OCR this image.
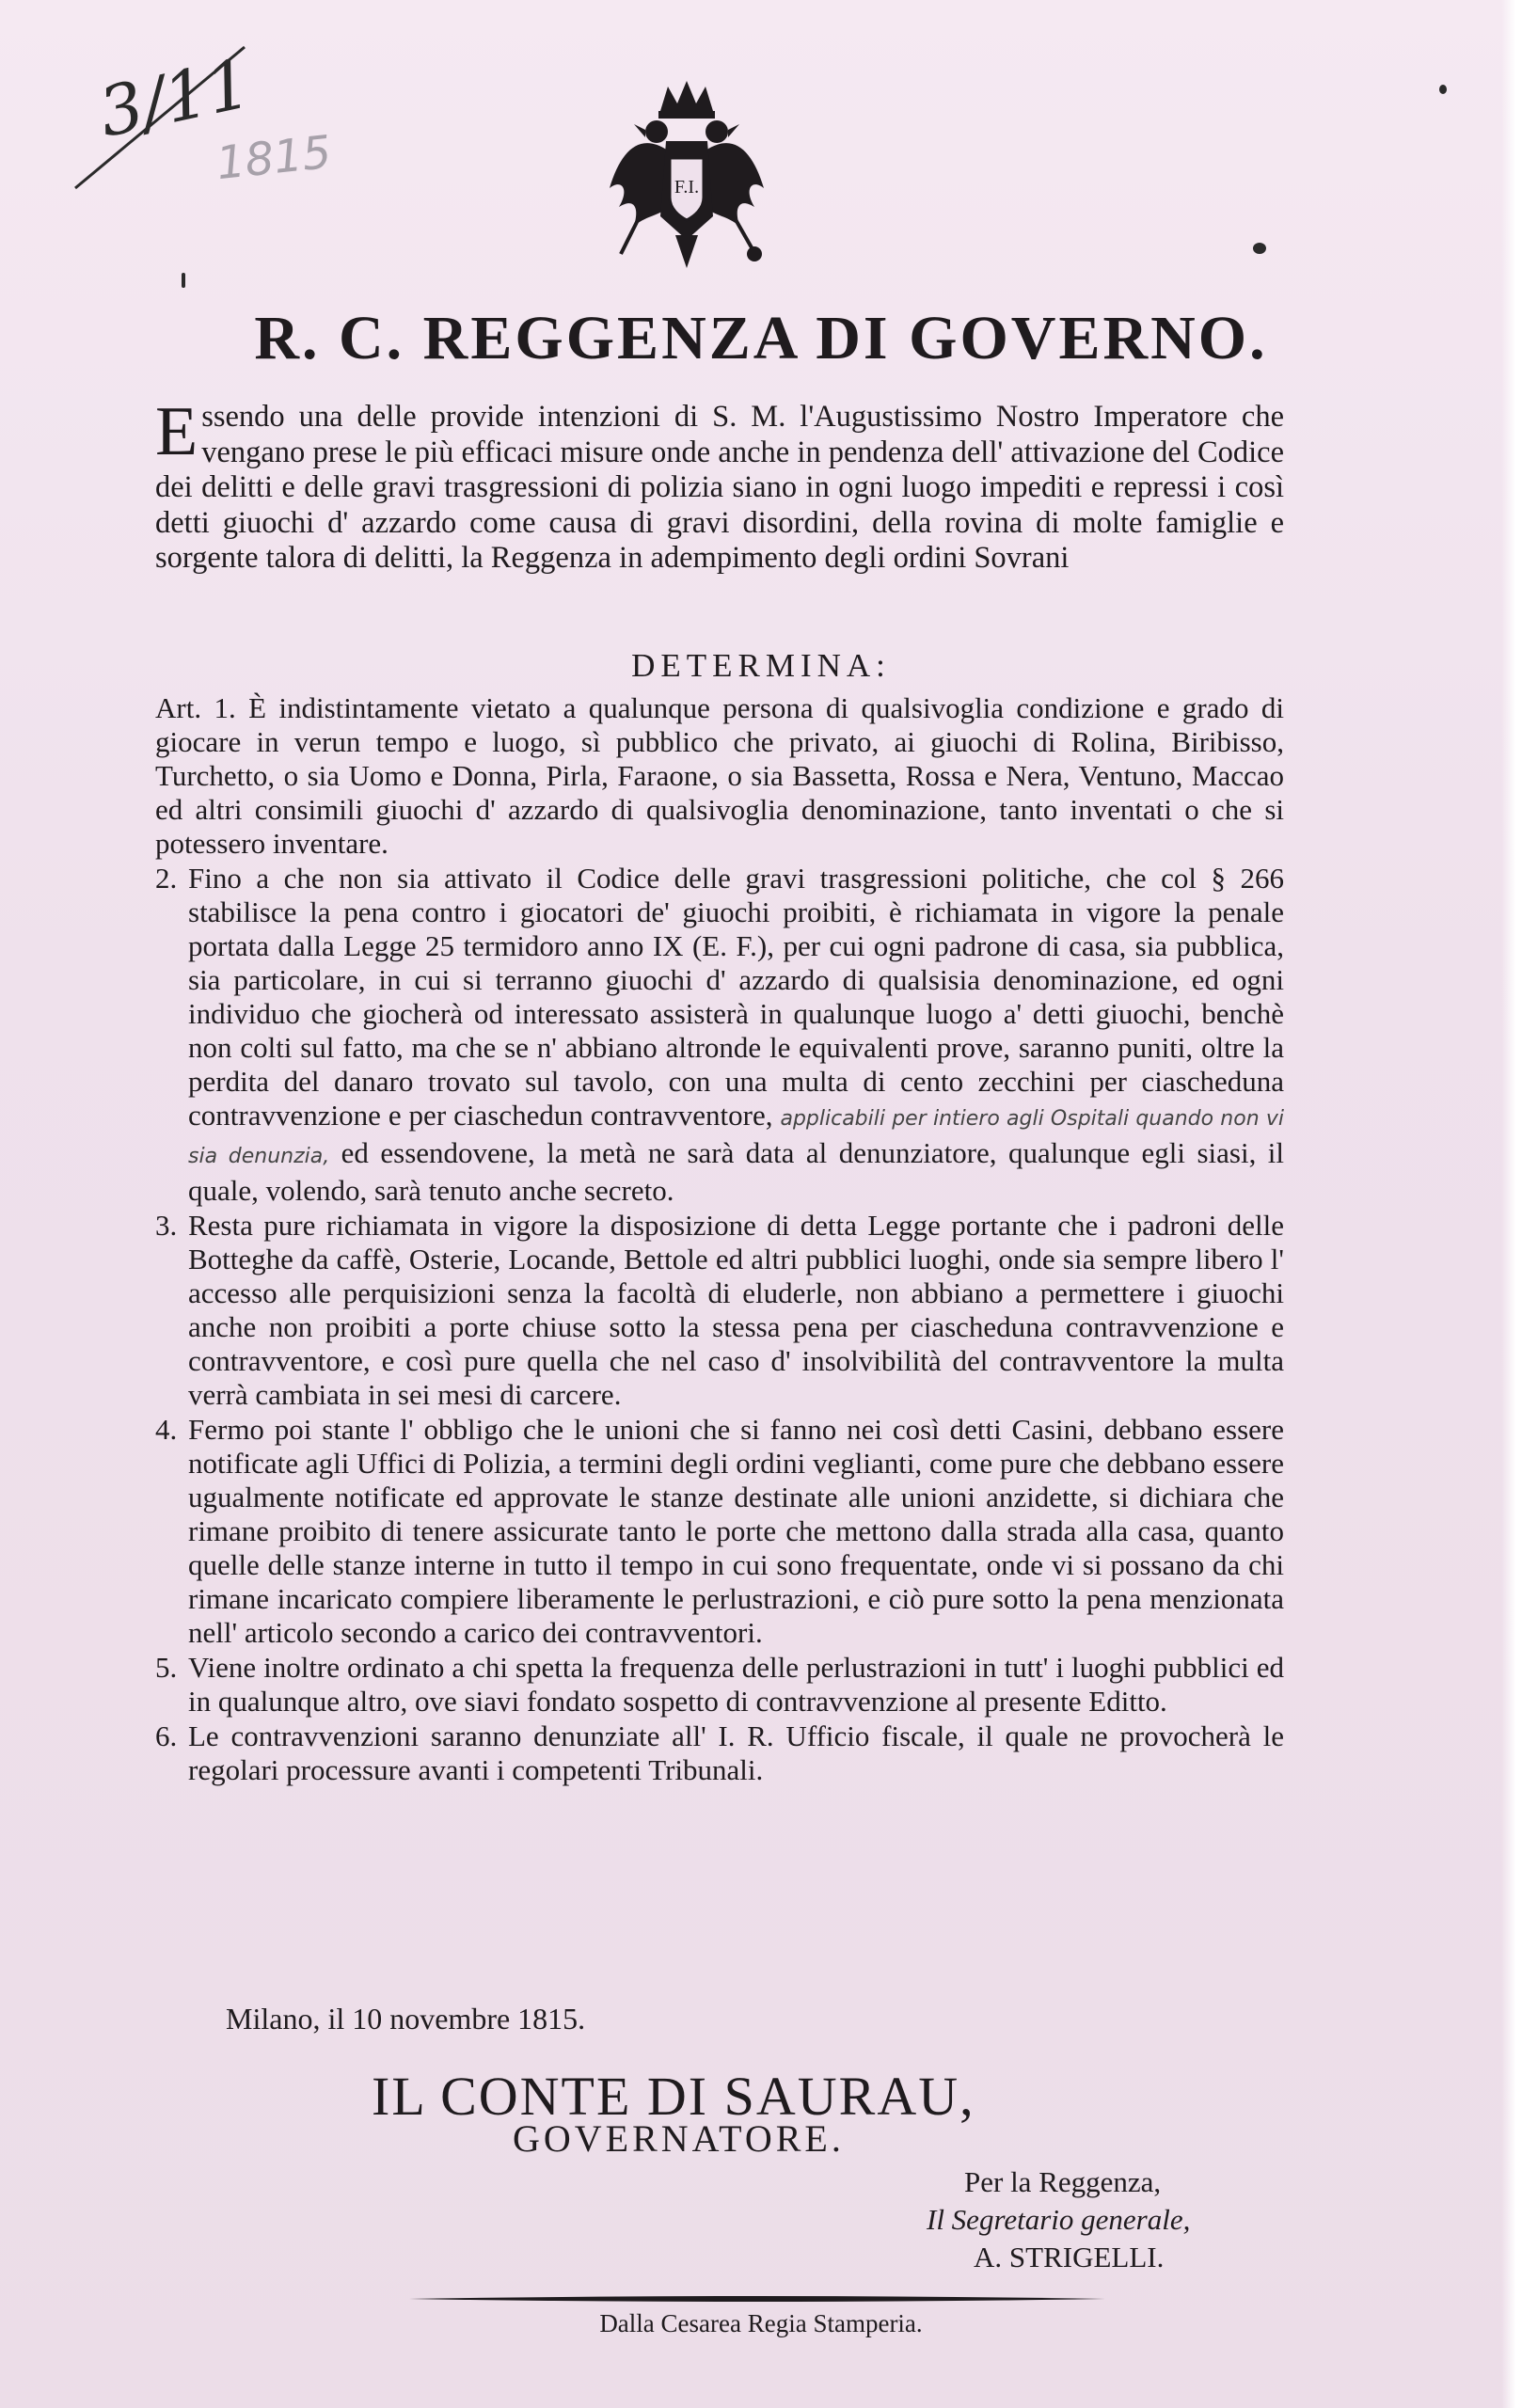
3/11
1815	F.I.
R. C. REGGENZA DI GOVERNO.

Essendo una delle provide intenzioni di S. M. l'Augustissimo Nostro Imperatore che vengano prese le più efficaci misure onde anche in pendenza dell' attivazione del Codice dei delitti e delle gravi trasgressioni di polizia siano in ogni luogo impediti e repressi i così detti giuochi d' azzardo come causa di gravi disordini, della rovina di molte famiglie e sorgente talora di delitti, la Reggenza in adempimento degli ordini Sovrani

DETERMINA:

Art. 1. È indistintamente vietato a qualunque persona di qualsivoglia condizione e grado di giocare in verun tempo e luogo, sì pubblico che privato, ai giuochi di Rolina, Biribisso, Turchetto, o sia Uomo e Donna, Pirla, Faraone, o sia Bassetta, Rossa e Nera, Ventuno, Maccao ed altri consimili giuochi d' azzardo di qualsivoglia denominazione, tanto inventati o che si potessero inventare.

2. Fino a che non sia attivato il Codice delle gravi trasgressioni politiche, che col § 266 stabilisce la pena contro i giocatori de' giuochi proibiti, è richiamata in vigore la penale portata dalla Legge 25 termidoro anno IX (E. F.), per cui ogni padrone di casa, sia pubblica, sia particolare, in cui si terranno giuochi d' azzardo di qualsisia denominazione, ed ogni individuo che giocherà od interessato assisterà in qualunque luogo a' detti giuochi, benchè non colti sul fatto, ma che se n' abbiano altronde le equivalenti prove, saranno puniti, oltre la perdita del danaro trovato sul tavolo, con una multa di cento zecchini per ciascheduna contravvenzione e per ciaschedun contravventore, applicabili per intiero agli Ospitali quando non vi sia denunzia, ed essendovene, la metà ne sarà data al denunziatore, qualunque egli siasi, il quale, volendo, sarà tenuto anche secreto.

3. Resta pure richiamata in vigore la disposizione di detta Legge portante che i padroni delle Botteghe da caffè, Osterie, Locande, Bettole ed altri pubblici luoghi, onde sia sempre libero l' accesso alle perquisizioni senza la facoltà di eluderle, non abbiano a permettere i giuochi anche non proibiti a porte chiuse sotto la stessa pena per ciascheduna contravvenzione e contravventore, e così pure quella che nel caso d' insolvibilità del contravventore la multa verrà cambiata in sei mesi di carcere.

4. Fermo poi stante l' obbligo che le unioni che si fanno nei così detti Casini, debbano essere notificate agli Uffici di Polizia, a termini degli ordini veglianti, come pure che debbano essere ugualmente notificate ed approvate le stanze destinate alle unioni anzidette, si dichiara che rimane proibito di tenere assicurate tanto le porte che mettono dalla strada alla casa, quanto quelle delle stanze interne in tutto il tempo in cui sono frequentate, onde vi si possano da chi rimane incaricato compiere liberamente le perlustrazioni, e ciò pure sotto la pena menzionata nell' articolo secondo a carico dei contravventori.

5. Viene inoltre ordinato a chi spetta la frequenza delle perlustrazioni in tutt' i luoghi pubblici ed in qualunque altro, ove siavi fondato sospetto di contravvenzione al presente Editto.

6. Le contravvenzioni saranno denunziate all' I. R. Ufficio fiscale, il quale ne provocherà le regolari processure avanti i competenti Tribunali.

Milano, il 10 novembre 1815.
IL CONTE DI SAURAU,
GOVERNATORE.
Per la Reggenza,
Il Segretario generale,
A. STRIGELLI.
Dalla Cesarea Regia Stamperia.
